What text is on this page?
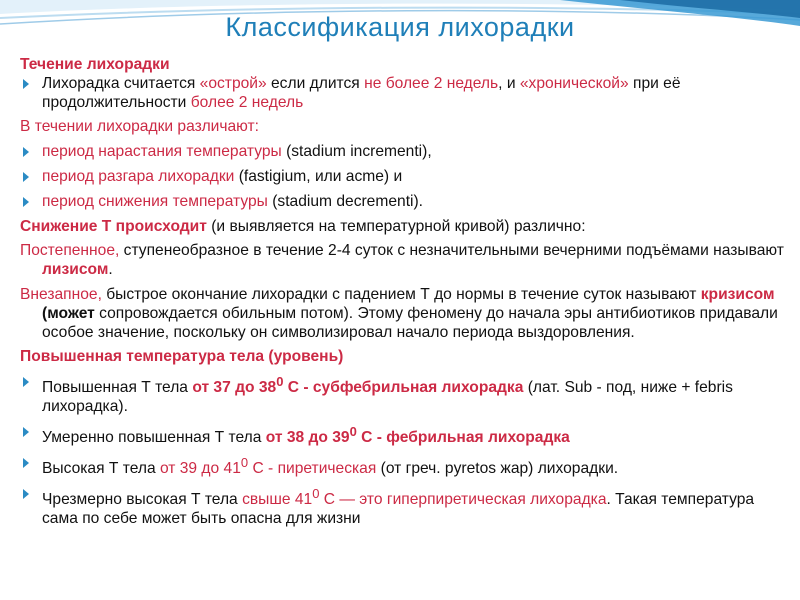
Классификация лихорадки
Течение лихорадки
Лихорадка считается «острой» если длится не более 2 недель, и «хронической» при её продолжительности более 2 недель
В течении лихорадки различают:
период нарастания температуры (stadium incrementi),
период разгара лихорадки (fastigium, или acme) и
период снижения температуры (stadium decrementi).
Снижение Т происходит (и выявляется на температурной кривой) различно:
Постепенное, ступенеобразное в течение 2-4 суток с незначительными вечерними подъёмами называют лизисом.
Внезапное, быстрое окончание лихорадки с падением Т до нормы в течение суток называют кризисом (может сопровождается обильным потом). Этому феномену до начала эры антибиотиков придавали особое значение, поскольку он символизировал начало периода выздоровления.
Повышенная температура тела (уровень)
Повышенная Т тела от 37 до $38^0$ С - субфебрильная лихорадка (лат. Sub - под, ниже + febris лихорадка).
Умеренно повышенная Т тела от 38 до $39^0$ С - фебрильная лихорадка
Высокая Т тела от 39 до $41^0$ С - пиретическая (от греч. pyretos жар) лихорадки.
Чрезмерно высокая Т тела свыше $41^0$ С — это гиперпиретическая лихорадка. Такая температура сама по себе может быть опасна для жизни
